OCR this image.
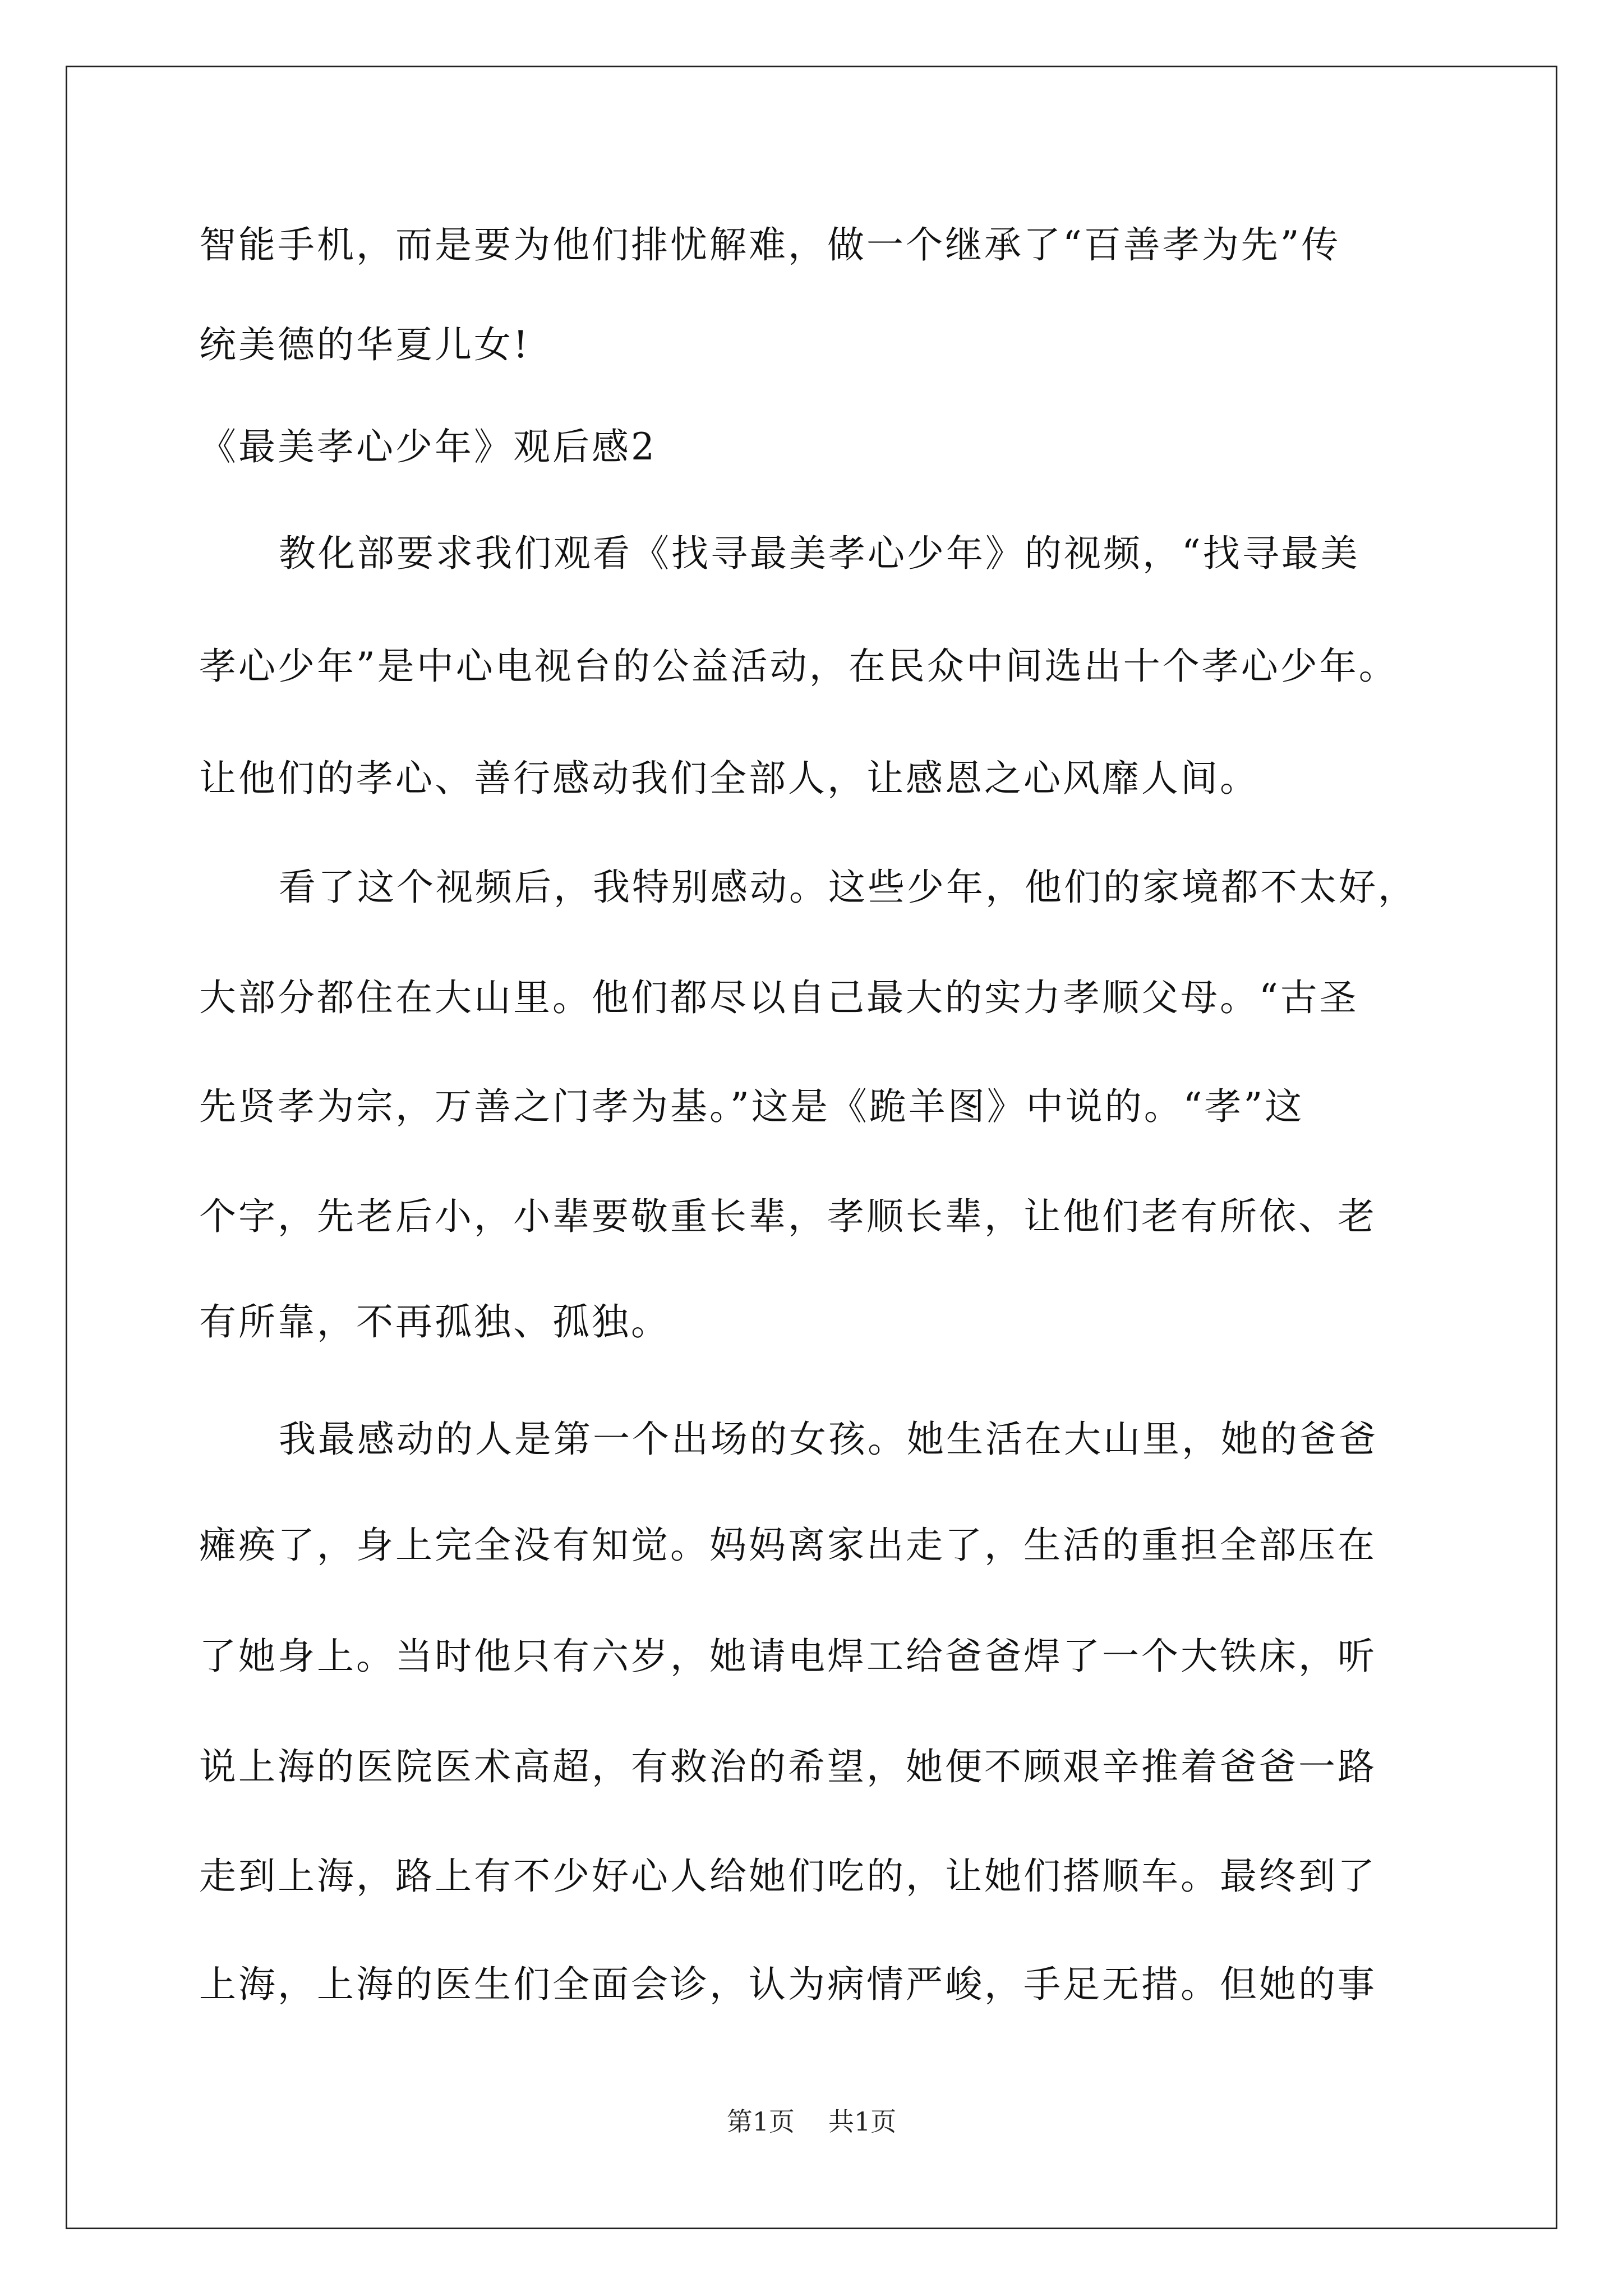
智能手机，而是要为他们排忧解难，做一个继承了“百善孝为先”传

统美德的华夏儿女!

《最美孝心少年》观后感2

教化部要求我们观看《找寻最美孝心少年》的视频，“找寻最美

孝心少年”是中心电视台的公益活动，在民众中间选出十个孝心少年。

让他们的孝心、善行感动我们全部人，让感恩之心风靡人间。

看了这个视频后，我特别感动。这些少年，他们的家境都不太好，

大部分都住在大山里。他们都尽以自己最大的实力孝顺父母。“古圣

先贤孝为宗，万善之门孝为基。”这是《跪羊图》中说的。“孝”这

个字，先老后小，小辈要敬重长辈，孝顺长辈，让他们老有所依、老

有所靠，不再孤独、孤独。

我最感动的人是第一个出场的女孩。她生活在大山里，她的爸爸

瘫痪了，身上完全没有知觉。妈妈离家出走了，生活的重担全部压在

了她身上。当时他只有六岁，她请电焊工给爸爸焊了一个大铁床，听

说上海的医院医术高超，有救治的希望，她便不顾艰辛推着爸爸一路

走到上海，路上有不少好心人给她们吃的，让她们搭顺车。最终到了

上海，上海的医生们全面会诊，认为病情严峻，手足无措。但她的事

第1页 共1页
